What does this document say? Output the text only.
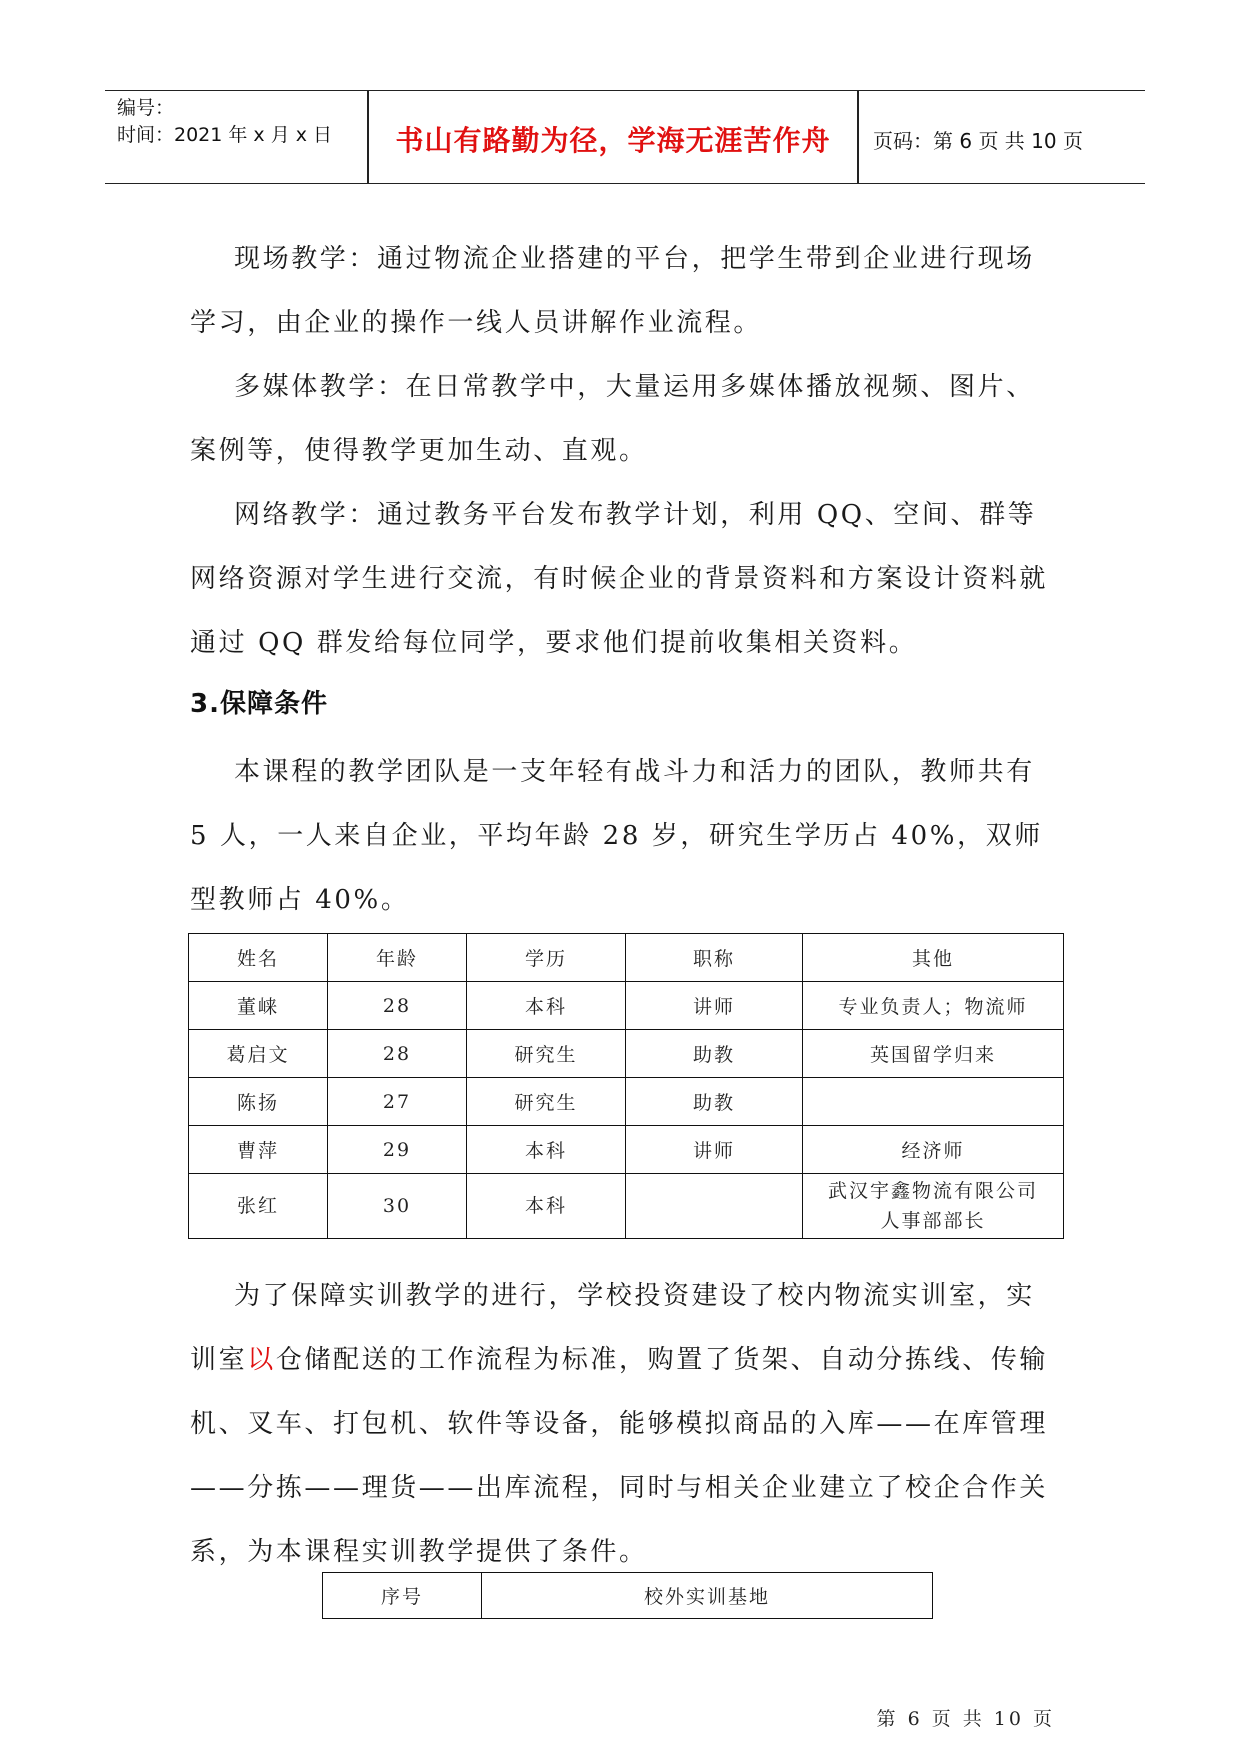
编号：
时间：2021 年 x 月 x 日	书山有路勤为径，学海无涯苦作舟	页码：第 6 页 共 10 页
现场教学：通过物流企业搭建的平台，把学生带到企业进行现场学习，由企业的操作一线人员讲解作业流程。
多媒体教学：在日常教学中，大量运用多媒体播放视频、图片、案例等，使得教学更加生动、直观。
网络教学：通过教务平台发布教学计划，利用 QQ、空间、群等网络资源对学生进行交流，有时候企业的背景资料和方案设计资料就通过 QQ 群发给每位同学，要求他们提前收集相关资料。
3.保障条件
本课程的教学团队是一支年轻有战斗力和活力的团队，教师共有 5 人，一人来自企业，平均年龄 28 岁，研究生学历占 40%，双师型教师占 40%。
姓名	年龄	学历	职称	其他
董崃	28	本科	讲师	专业负责人；物流师
葛启文	28	研究生	助教	英国留学归来
陈扬	27	研究生	助教	
曹萍	29	本科	讲师	经济师
张红	30	本科		武汉宇鑫物流有限公司
人事部部长
为了保障实训教学的进行，学校投资建设了校内物流实训室，实训室以仓储配送的工作流程为标准，购置了货架、自动分拣线、传输机、叉车、打包机、软件等设备，能够模拟商品的入库——在库管理——分拣——理货——出库流程，同时与相关企业建立了校企合作关系，为本课程实训教学提供了条件。
序号	校外实训基地
第 6 页 共 10 页
